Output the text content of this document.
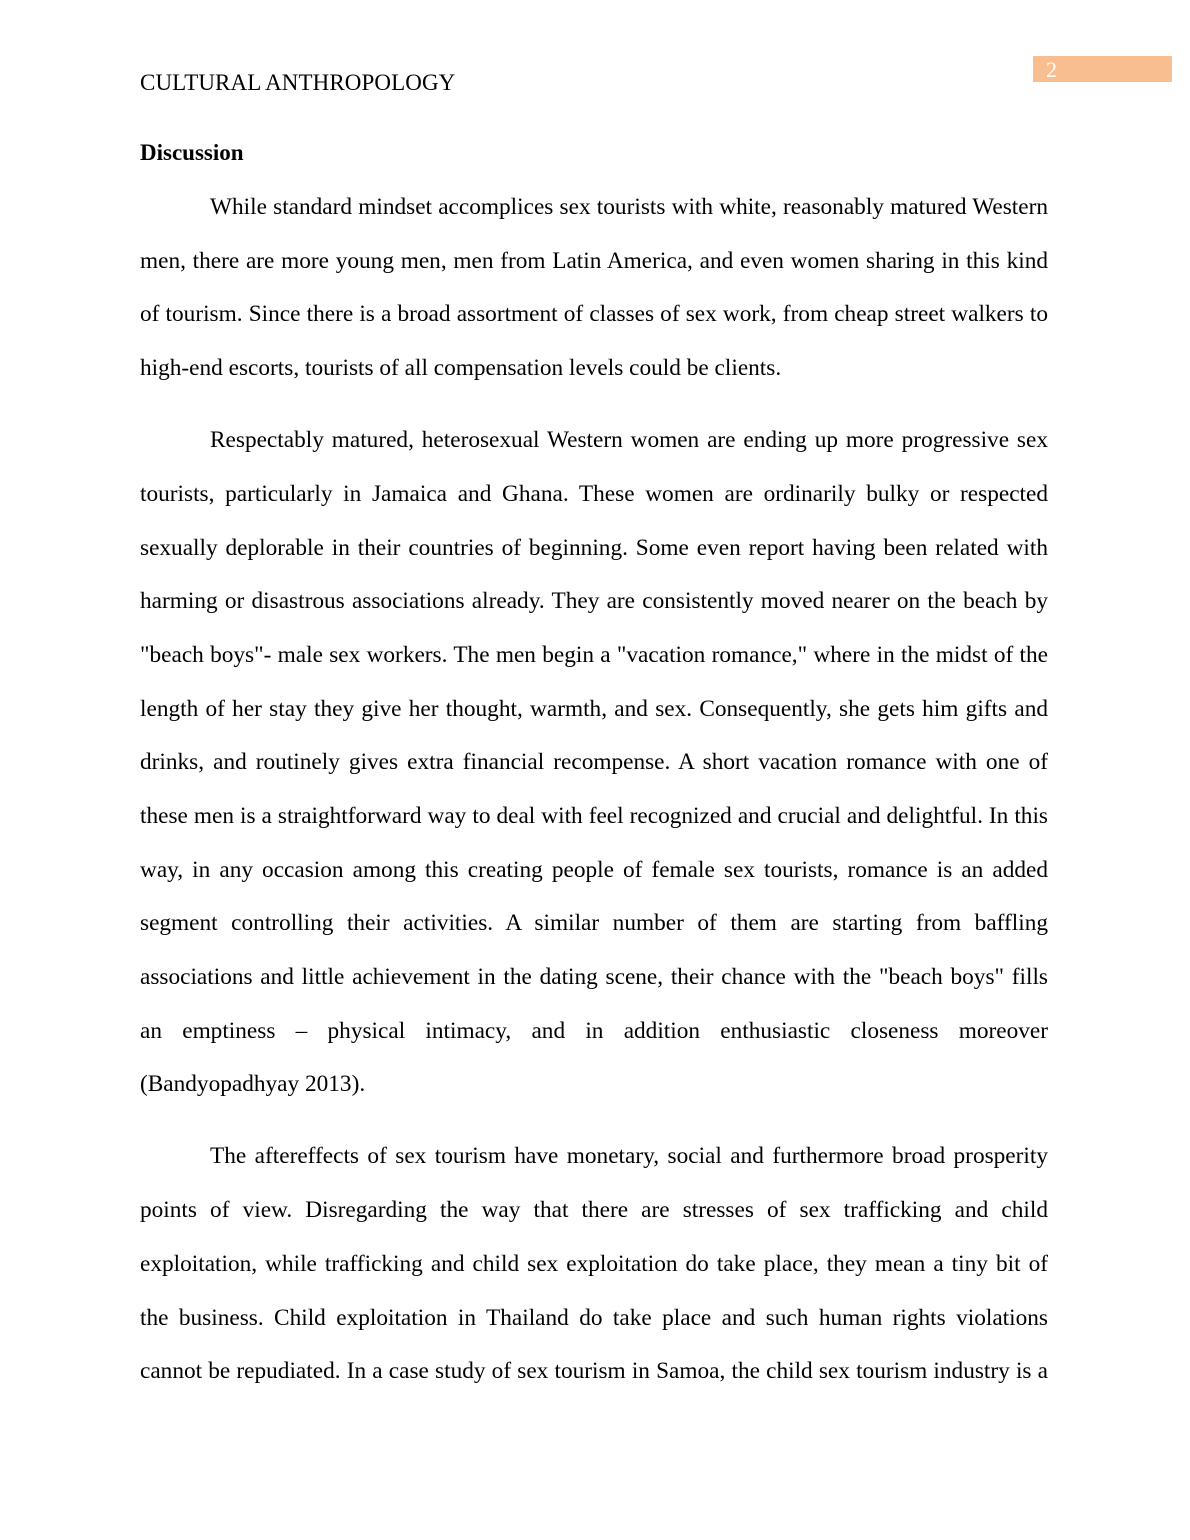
2
CULTURAL ANTHROPOLOGY
Discussion
While standard mindset accomplices sex tourists with white, reasonably matured Western
men, there are more young men, men from Latin America, and even women sharing in this kind
of tourism. Since there is a broad assortment of classes of sex work, from cheap street walkers to
high-end escorts, tourists of all compensation levels could be clients.
Respectably matured, heterosexual Western women are ending up more progressive sex
tourists, particularly in Jamaica and Ghana. These women are ordinarily bulky or respected
sexually deplorable in their countries of beginning. Some even report having been related with
harming or disastrous associations already. They are consistently moved nearer on the beach by
"beach boys"- male sex workers. The men begin a "vacation romance," where in the midst of the
length of her stay they give her thought, warmth, and sex. Consequently, she gets him gifts and
drinks, and routinely gives extra financial recompense. A short vacation romance with one of
these men is a straightforward way to deal with feel recognized and crucial and delightful. In this
way, in any occasion among this creating people of female sex tourists, romance is an added
segment controlling their activities. A similar number of them are starting from baffling
associations and little achievement in the dating scene, their chance with the "beach boys" fills
an emptiness – physical intimacy, and in addition enthusiastic closeness moreover
(Bandyopadhyay 2013).
The aftereffects of sex tourism have monetary, social and furthermore broad prosperity
points of view. Disregarding the way that there are stresses of sex trafficking and child
exploitation, while trafficking and child sex exploitation do take place, they mean a tiny bit of
the business. Child exploitation in Thailand do take place and such human rights violations
cannot be repudiated. In a case study of sex tourism in Samoa, the child sex tourism industry is a
